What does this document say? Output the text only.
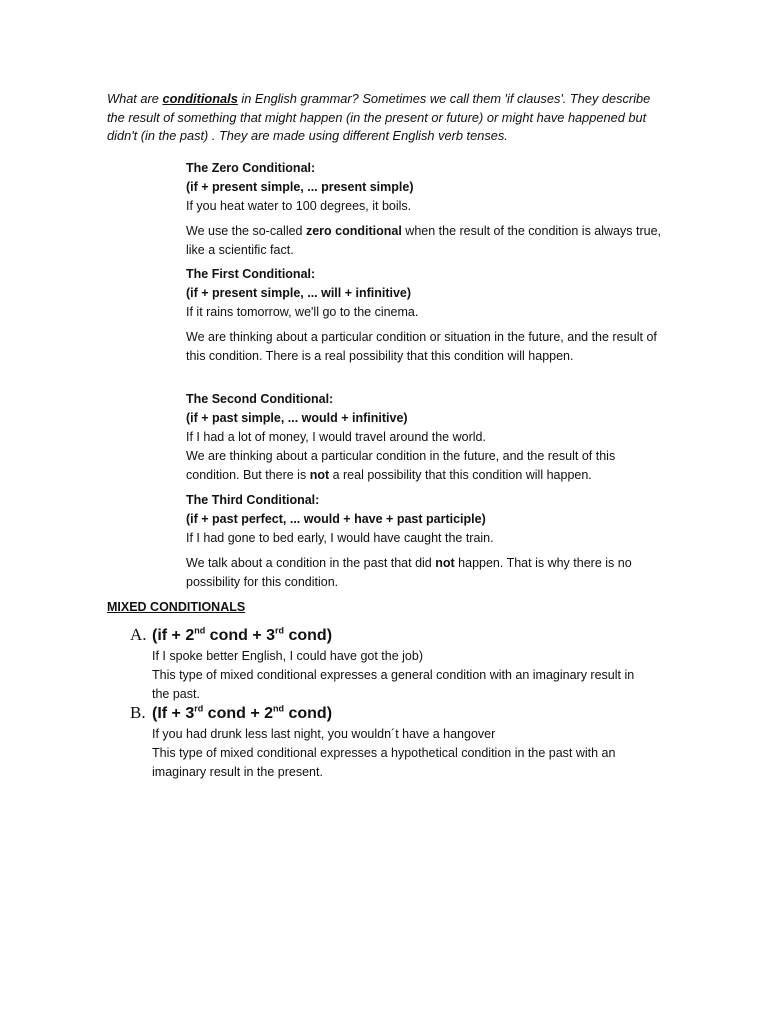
What are conditionals in English grammar? Sometimes we call them 'if clauses'. They describe the result of something that might happen (in the present or future) or might have happened but didn't (in the past) . They are made using different English verb tenses.

The Zero Conditional:

(if + present simple, ... present simple)

If you heat water to 100 degrees, it boils.

We use the so-called zero conditional when the result of the condition is always true, like a scientific fact.

The First Conditional:

(if + present simple, ... will + infinitive)

If it rains tomorrow, we'll go to the cinema.

We are thinking about a particular condition or situation in the future, and the result of this condition. There is a real possibility that this condition will happen.

The Second Conditional:

(if + past simple, ... would + infinitive)

If I had a lot of money, I would travel around the world.

We are thinking about a particular condition in the future, and the result of this condition. But there is not a real possibility that this condition will happen.

The Third Conditional:

(if + past perfect, ... would + have + past participle)

If I had gone to bed early, I would have caught the train.

We talk about a condition in the past that did not happen. That is why there is no possibility for this condition.

MIXED CONDITIONALS
A. (if + 2nd cond + 3rd cond)

If I spoke better English, I could have got the job)

This type of mixed conditional expresses a general condition with an imaginary result in the past.

B. (If + 3rd cond + 2nd cond)

If you had drunk less last night, you wouldn´t have a hangover

This type of mixed conditional expresses a hypothetical condition in the past with an imaginary result in the present.
